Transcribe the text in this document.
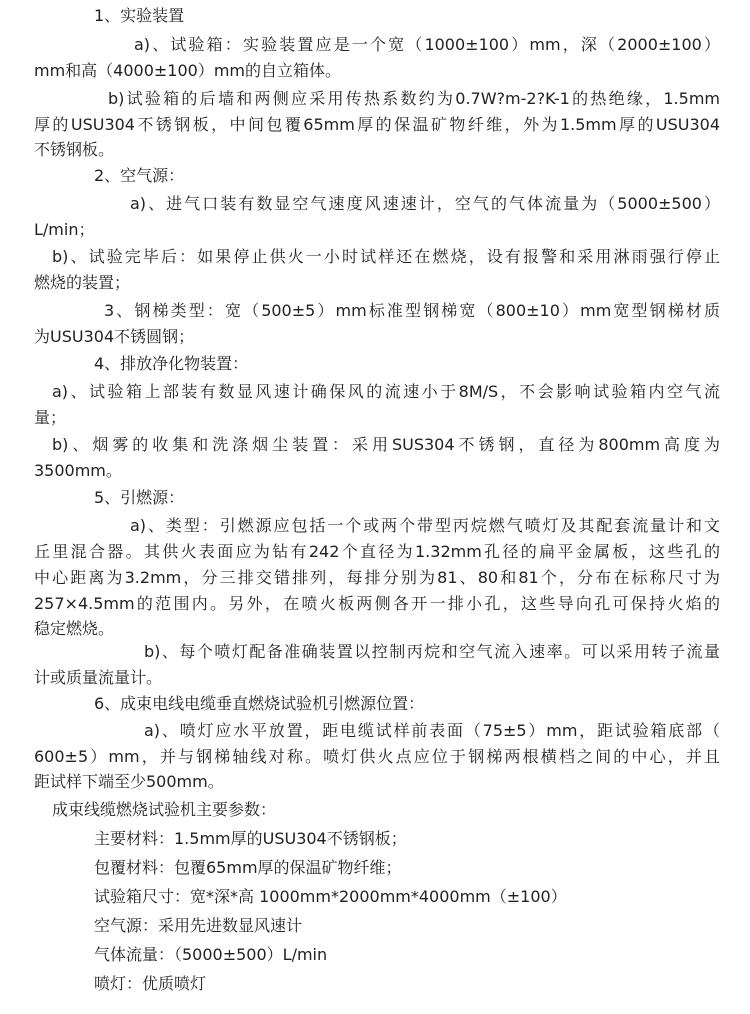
1、实验装置
a)、试验箱：实验装置应是一个宽（1000±100）mm，深（2000±100）
mm和高（4000±100）mm的自立箱体。
b)试验箱的后墙和两侧应采用传热系数约为0.7W?m-2?K-1的热绝缘，1.5mm
厚的USU304不锈钢板，中间包覆65mm厚的保温矿物纤维，外为1.5mm厚的USU304
不锈钢板。
2、空气源：
a)、进气口装有数显空气速度风速速计，空气的气体流量为（5000±500）
L/min；
b)、试验完毕后：如果停止供火一小时试样还在燃烧，设有报警和采用淋雨强行停止
燃烧的装置；
3、钢梯类型：宽（500±5）mm标准型钢梯宽（800±10）mm宽型钢梯材质
为USU304不锈圆钢；
4、排放净化物装置：
a)、试验箱上部装有数显风速计确保风的流速小于8M/S，不会影响试验箱内空气流
量；
b)、烟雾的收集和洗涤烟尘装置：采用SUS304不锈钢，直径为800mm高度为
3500mm。
5、引燃源：
a)、类型：引燃源应包括一个或两个带型丙烷燃气喷灯及其配套流量计和文
丘里混合器。其供火表面应为钻有242个直径为1.32mm孔径的扁平金属板，这些孔的
中心距离为3.2mm，分三排交错排列，每排分别为81、80和81个，分布在标称尺寸为
257×4.5mm的范围内。另外，在喷火板两侧各开一排小孔，这些导向孔可保持火焰的
稳定燃烧。
b)、每个喷灯配备准确装置以控制丙烷和空气流入速率。可以采用转子流量
计或质量流量计。
6、成束电线电缆垂直燃烧试验机引燃源位置：
a)、喷灯应水平放置，距电缆试样前表面（75±5）mm，距试验箱底部（
600±5）mm，并与钢梯轴线对称。喷灯供火点应位于钢梯两根横档之间的中心，并且
距试样下端至少500mm。
成束线缆燃烧试验机主要参数：
主要材料：1.5mm厚的USU304不锈钢板；
包覆材料：包覆65mm厚的保温矿物纤维；
试验箱尺寸：宽*深*高 1000mm*2000mm*4000mm（±100）
空气源：采用先进数显风速计
气体流量：（5000±500）L/min
喷灯：优质喷灯
